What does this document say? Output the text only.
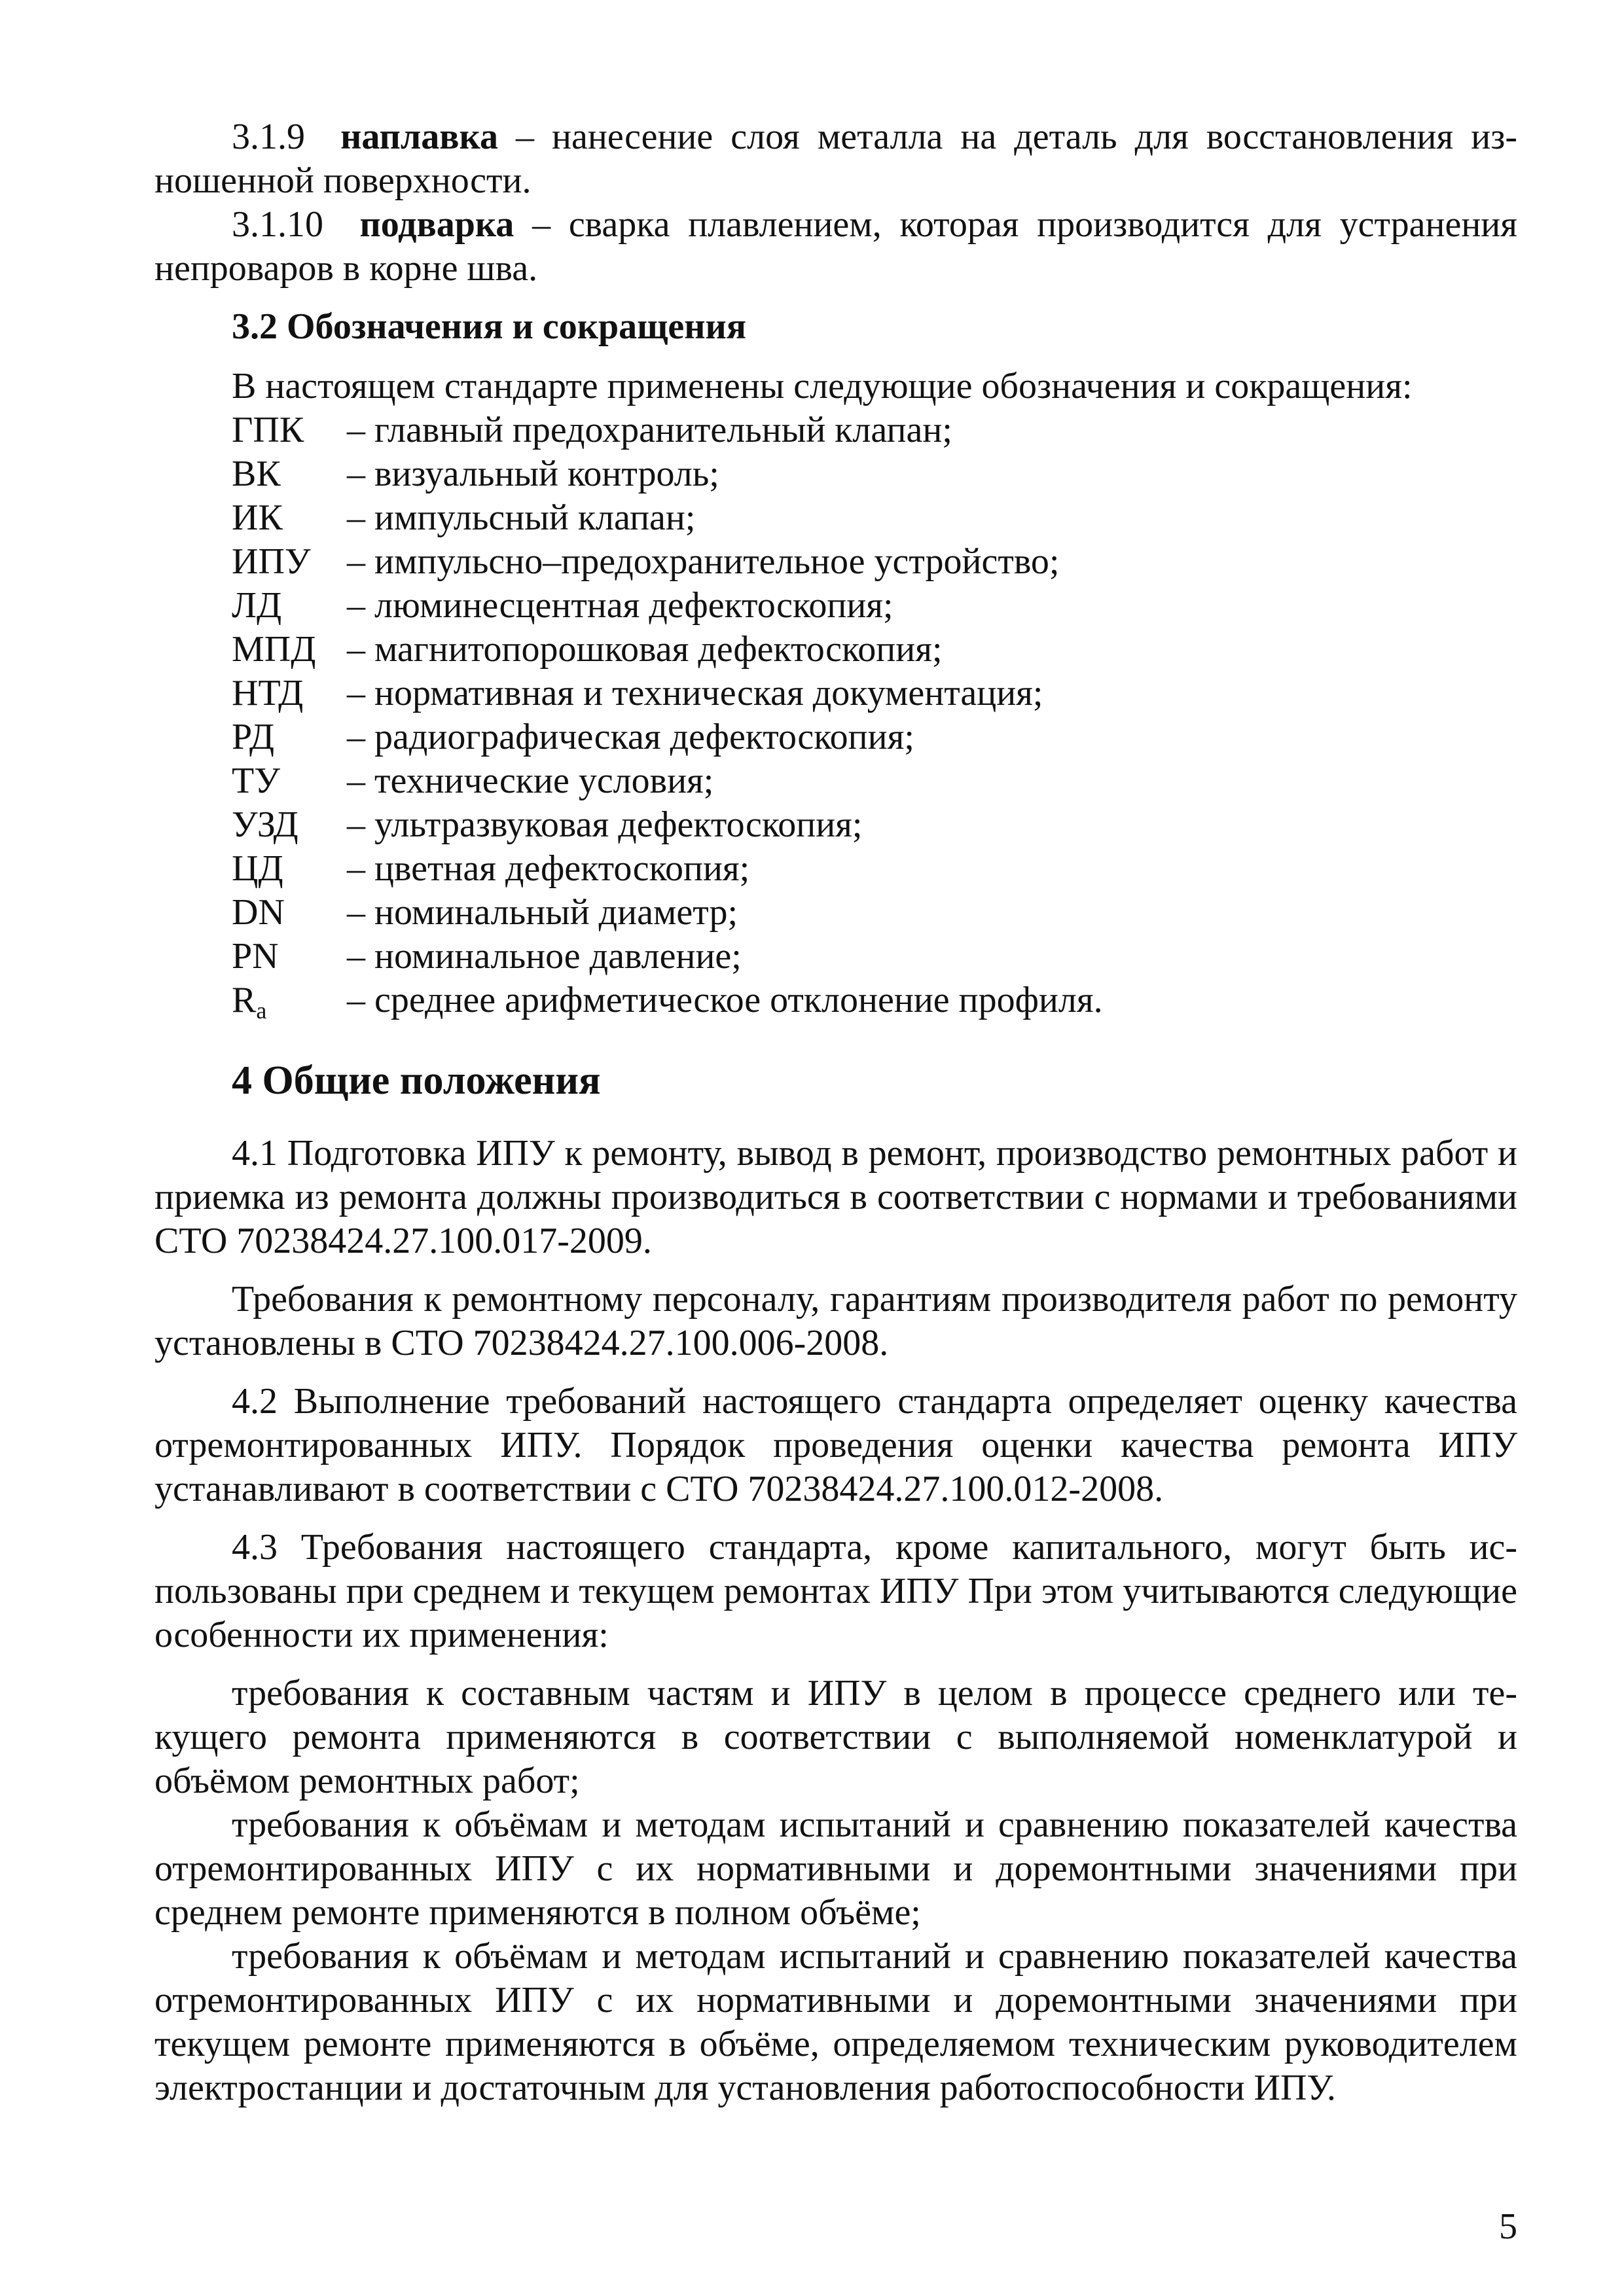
3.1.9 наплавка – нанесение слоя металла на деталь для восстановления изношенной поверхности.

3.1.10 подварка – сварка плавлением, которая производится для устранения непроваров в корне шва.

3.2 Обозначения и сокращения

В настоящем стандарте применены следующие обозначения и сокращения:

ГПК	– главный предохранительный клапан;
ВК	– визуальный контроль;
ИК	– импульсный клапан;
ИПУ – импульсно–предохранительное устройство;
ЛД	– люминесцентная дефектоскопия;
МПД – магнитопорошковая дефектоскопия;
НТД	– нормативная и техническая документация;
РД	– радиографическая дефектоскопия;
ТУ	– технические условия;
УЗД	– ультразвуковая дефектоскопия;
ЦД	– цветная дефектоскопия;
DN	– номинальный диаметр;
PN	– номинальное давление;
$R_a$	– среднее арифметическое отклонение профиля.
4 Общие положения

4.1 Подготовка ИПУ к ремонту, вывод в ремонт, производство ремонтных работ и приемка из ремонта должны производиться в соответствии с нормами и требованиями СТО 70238424.27.100.017-2009.

Требования к ремонтному персоналу, гарантиям производителя работ по ремонту установлены в СТО 70238424.27.100.006-2008.

4.2 Выполнение требований настоящего стандарта определяет оценку качества отремонтированных ИПУ. Порядок проведения оценки качества ремонта ИПУ устанавливают в соответствии с СТО 70238424.27.100.012-2008.

4.3 Требования настоящего стандарта, кроме капитального, могут быть использованы при среднем и текущем ремонтах ИПУ При этом учитываются следующие особенности их применения:

требования к составным частям и ИПУ в целом в процессе среднего или текущего ремонта применяются в соответствии с выполняемой номенклатурой и объёмом ремонтных работ;

требования к объёмам и методам испытаний и сравнению показателей качества отремонтированных ИПУ с их нормативными и доремонтными значениями при среднем ремонте применяются в полном объёме;

требования к объёмам и методам испытаний и сравнению показателей качества отремонтированных ИПУ с их нормативными и доремонтными значениями при текущем ремонте применяются в объёме, определяемом техническим руководителем электростанции и достаточным для установления работоспособности ИПУ.

5
